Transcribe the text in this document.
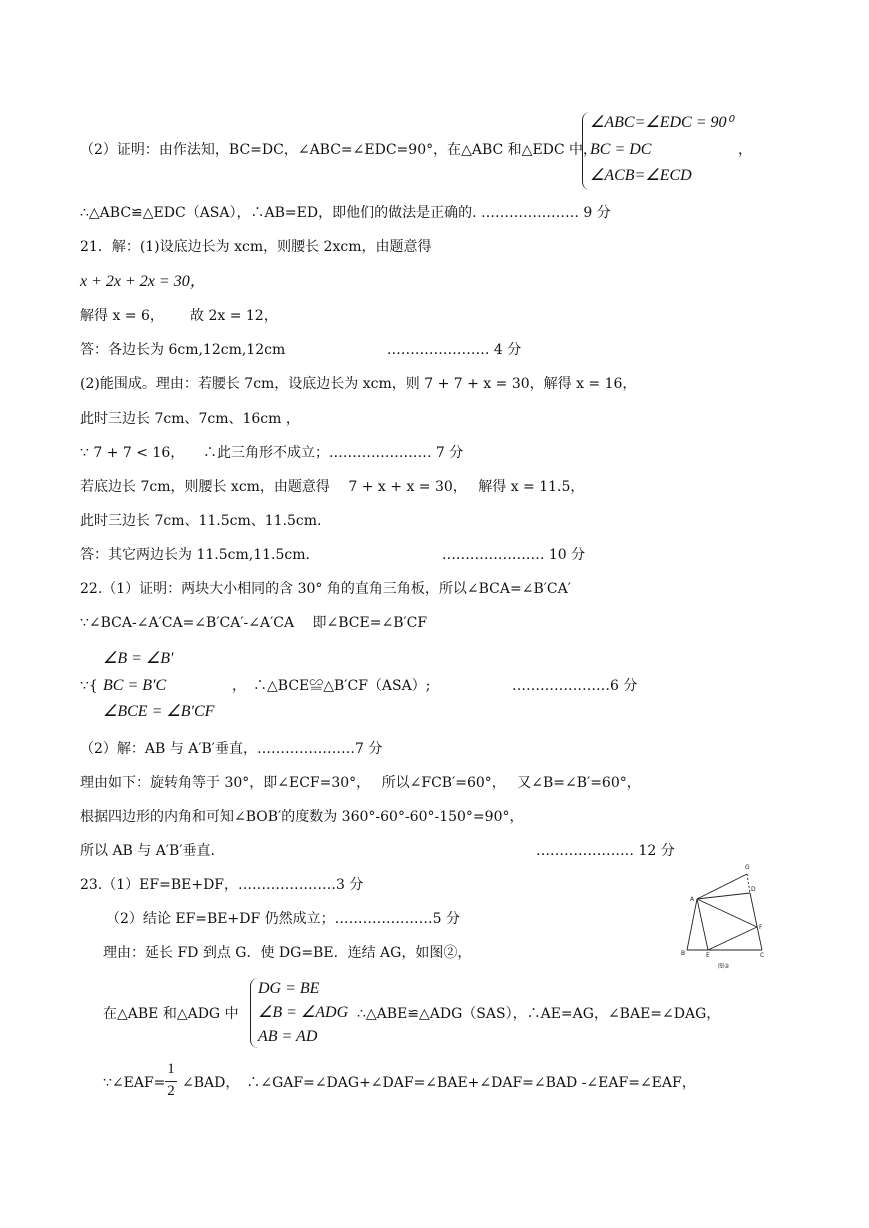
（2）证明：由作法知，BC=DC，∠ABC=∠EDC=90°，在△ABC 和△EDC 中，
∠ABC=∠EDC = 90⁰
BC = DC
∠ACB=∠ECD
，
∴△ABC≌△EDC（ASA），∴AB=ED，即他们的做法是正确的. ………………… 9 分
21．解：(1)设底边长为 xcm，则腰长 2xcm，由题意得
x + 2x + 2x = 30，
解得 x = 6， 故 2x = 12，
答：各边长为 6cm,12cm,12cm	.………………… 4 分
(2)能围成。理由：若腰长 7cm，设底边长为 xcm，则 7 + 7 + x = 30，解得 x = 16，
此时三边长 7cm、7cm、16cm ，
∵ 7 + 7 < 16， ∴此三角形不成立；.………………… 7 分
若底边长 7cm，则腰长 xcm，由题意得　 7 + x + x = 30，　 解得 x = 11.5，
此时三边长 7cm、11.5cm、11.5cm.
答：其它两边长为 11.5cm,11.5cm.	.………………… 10 分
22.（1）证明：两块大小相同的含 30° 角的直角三角板，所以∠BCA=∠B′CA′
∵∠BCA-∠A′CA=∠B′CA′-∠A′CA　 即∠BCE=∠B′CF
∠B = ∠B′
∵{ BC = B′C
∠BCE = ∠B′CF
，　∴△BCE≌△B′CF（ASA）;	…………………6 分
（2）解：AB 与 A′B′垂直，…………………7 分
理由如下：旋转角等于 30°，即∠ECF=30°，　 所以∠FCB′=60°，　 又∠B=∠B′=60°，
根据四边形的内角和可知∠BOB′的度数为 360°-60°-60°-150°=90°，
所以 AB 与 A′B′垂直.	………………… 12 分
23.（1）EF=BE+DF，…………………3 分
（2）结论 EF=BE+DF 仍然成立；…………………5 分
理由：延长 FD 到点 G．使 DG=BE．连结 AG，如图②，
在△ABE 和△ADG 中
DG = BE
∠B = ∠ADG
AB = AD
∴△ABE≌△ADG（SAS），∴AE=AG，∠BAE=∠DAG，
∵∠EAF=
1
2 ∠BAD，　∴∠GAF=∠DAG+∠DAF=∠BAE+∠DAF=∠BAD -∠EAF=∠EAF，
G
D
A
F
B	E	C
图②
